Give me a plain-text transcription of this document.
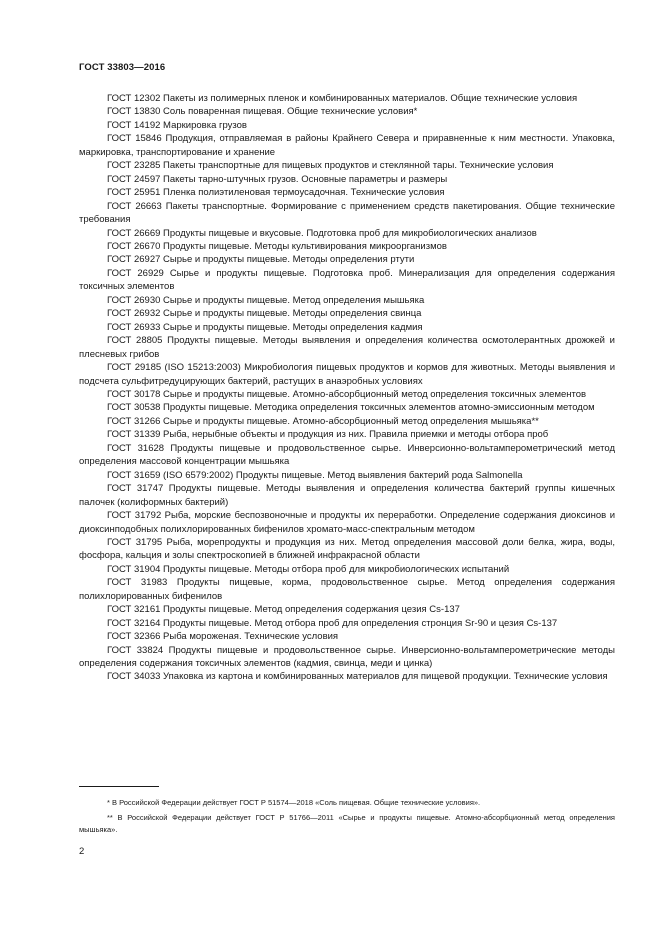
ГОСТ 33803—2016

ГОСТ 12302 Пакеты из полимерных пленок и комбинированных материалов. Общие технические условия

ГОСТ 13830 Соль поваренная пищевая. Общие технические условия*

ГОСТ 14192 Маркировка грузов

ГОСТ 15846 Продукция, отправляемая в районы Крайнего Севера и приравненные к ним местности. Упаковка, маркировка, транспортирование и хранение

ГОСТ 23285 Пакеты транспортные для пищевых продуктов и стеклянной тары. Технические условия

ГОСТ 24597 Пакеты тарно-штучных грузов. Основные параметры и размеры

ГОСТ 25951 Пленка полиэтиленовая термоусадочная. Технические условия

ГОСТ 26663 Пакеты транспортные. Формирование с применением средств пакетирования. Общие технические требования

ГОСТ 26669 Продукты пищевые и вкусовые. Подготовка проб для микробиологических анализов

ГОСТ 26670 Продукты пищевые. Методы культивирования микроорганизмов

ГОСТ 26927 Сырье и продукты пищевые. Методы определения ртути

ГОСТ 26929 Сырье и продукты пищевые. Подготовка проб. Минерализация для определения содержания токсичных элементов

ГОСТ 26930 Сырье и продукты пищевые. Метод определения мышьяка

ГОСТ 26932 Сырье и продукты пищевые. Методы определения свинца

ГОСТ 26933 Сырье и продукты пищевые. Методы определения кадмия

ГОСТ 28805 Продукты пищевые. Методы выявления и определения количества осмотолерантных дрожжей и плесневых грибов

ГОСТ 29185 (ISO 15213:2003) Микробиология пищевых продуктов и кормов для животных. Методы выявления и подсчета сульфитредуцирующих бактерий, растущих в анаэробных условиях

ГОСТ 30178 Сырье и продукты пищевые. Атомно-абсорбционный метод определения токсичных элементов

ГОСТ 30538 Продукты пищевые. Методика определения токсичных элементов атомно-эмиссионным методом

ГОСТ 31266 Сырье и продукты пищевые. Атомно-абсорбционный метод определения мышьяка**

ГОСТ 31339 Рыба, нерыбные объекты и продукция из них. Правила приемки и методы отбора проб

ГОСТ 31628 Продукты пищевые и продовольственное сырье. Инверсионно-вольтамперометрический метод определения массовой концентрации мышьяка

ГОСТ 31659 (ISO 6579:2002) Продукты пищевые. Метод выявления бактерий рода Salmonella

ГОСТ 31747 Продукты пищевые. Методы выявления и определения количества бактерий группы кишечных палочек (колиформных бактерий)

ГОСТ 31792 Рыба, морские беспозвоночные и продукты их переработки. Определение содержания диоксинов и диоксинподобных полихлорированных бифенилов хромато-масс-спектральным методом

ГОСТ 31795 Рыба, морепродукты и продукция из них. Метод определения массовой доли белка, жира, воды, фосфора, кальция и золы спектроскопией в ближней инфракрасной области

ГОСТ 31904 Продукты пищевые. Методы отбора проб для микробиологических испытаний

ГОСТ 31983 Продукты пищевые, корма, продовольственное сырье. Метод определения содержания полихлорированных бифенилов

ГОСТ 32161 Продукты пищевые. Метод определения содержания цезия Cs-137

ГОСТ 32164 Продукты пищевые. Метод отбора проб для определения стронция Sr-90 и цезия Cs-137

ГОСТ 32366 Рыба мороженая. Технические условия

ГОСТ 33824 Продукты пищевые и продовольственное сырье. Инверсионно-вольтамперометрические методы определения содержания токсичных элементов (кадмия, свинца, меди и цинка)

ГОСТ 34033 Упаковка из картона и комбинированных материалов для пищевой продукции. Технические условия

* В Российской Федерации действует ГОСТ Р 51574—2018 «Соль пищевая. Общие технические условия».

** В Российской Федерации действует ГОСТ Р 51766—2011 «Сырье и продукты пищевые. Атомно-абсорбционный метод определения мышьяка».

2
